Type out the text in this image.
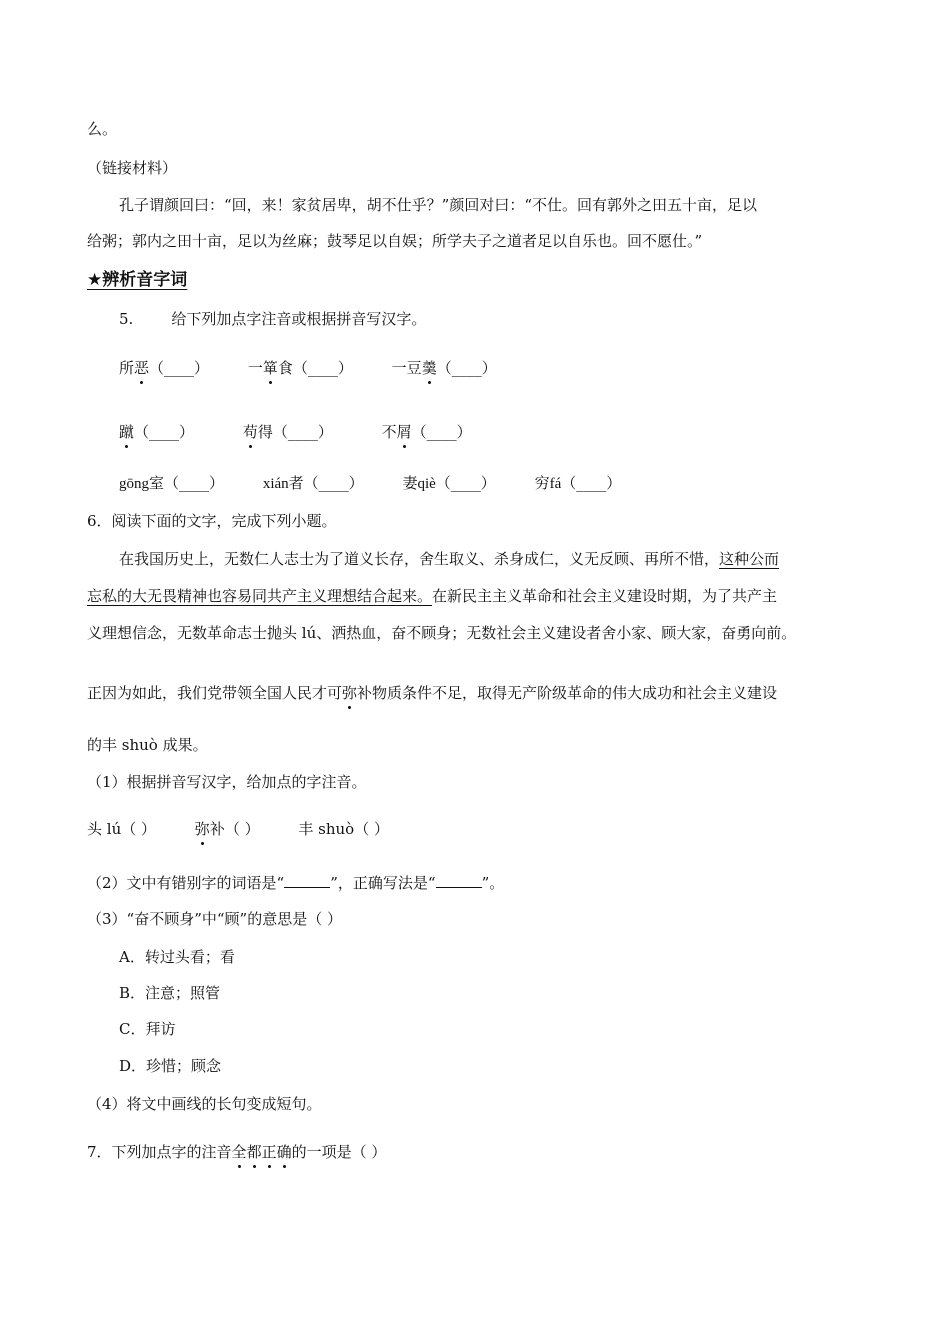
么。
（链接材料）
孔子谓颜回曰：“回，来！家贫居卑，胡不仕乎？”颜回对曰：“不仕。回有郭外之田五十亩，足以
给粥；郭内之田十亩，足以为丝麻；鼓琴足以自娱；所学夫子之道者足以自乐也。回不愿仕。”
★辨析音字词
5.	给下列加点字注音或根据拼音写汉字。
所恶（____）	一箪食（____）	一豆羹（____）
蹴（____）	苟得（____）	不屑（____）
gōng室（____）	xián者（____）	妻qiè（____）	穷fá（____）
6．阅读下面的文字，完成下列小题。
在我国历史上，无数仁人志士为了道义长存，舍生取义、杀身成仁，义无反顾、再所不惜，这种公而
忘私的大无畏精神也容易同共产主义理想结合起来。在新民主主义革命和社会主义建设时期，为了共产主
义理想信念，无数革命志士抛头 lú、洒热血，奋不顾身；无数社会主义建设者舍小家、顾大家，奋勇向前。
正因为如此，我们党带领全国人民才可弥补物质条件不足，取得无产阶级革命的伟大成功和社会主义建设
的丰 shuò 成果。
（1）根据拼音写汉字，给加点的字注音。
头 lú（ ）	弥补（ ）	丰 shuò（ ）
（2）文中有错别字的词语是“	”，正确写法是“	”。
（3）“奋不顾身”中“顾”的意思是（ ）
A．转过头看；看
B．注意；照管
C．拜访
D．珍惜；顾念
（4）将文中画线的长句变成短句。
7．下列加点字的注音全都正确的一项是（ ）
